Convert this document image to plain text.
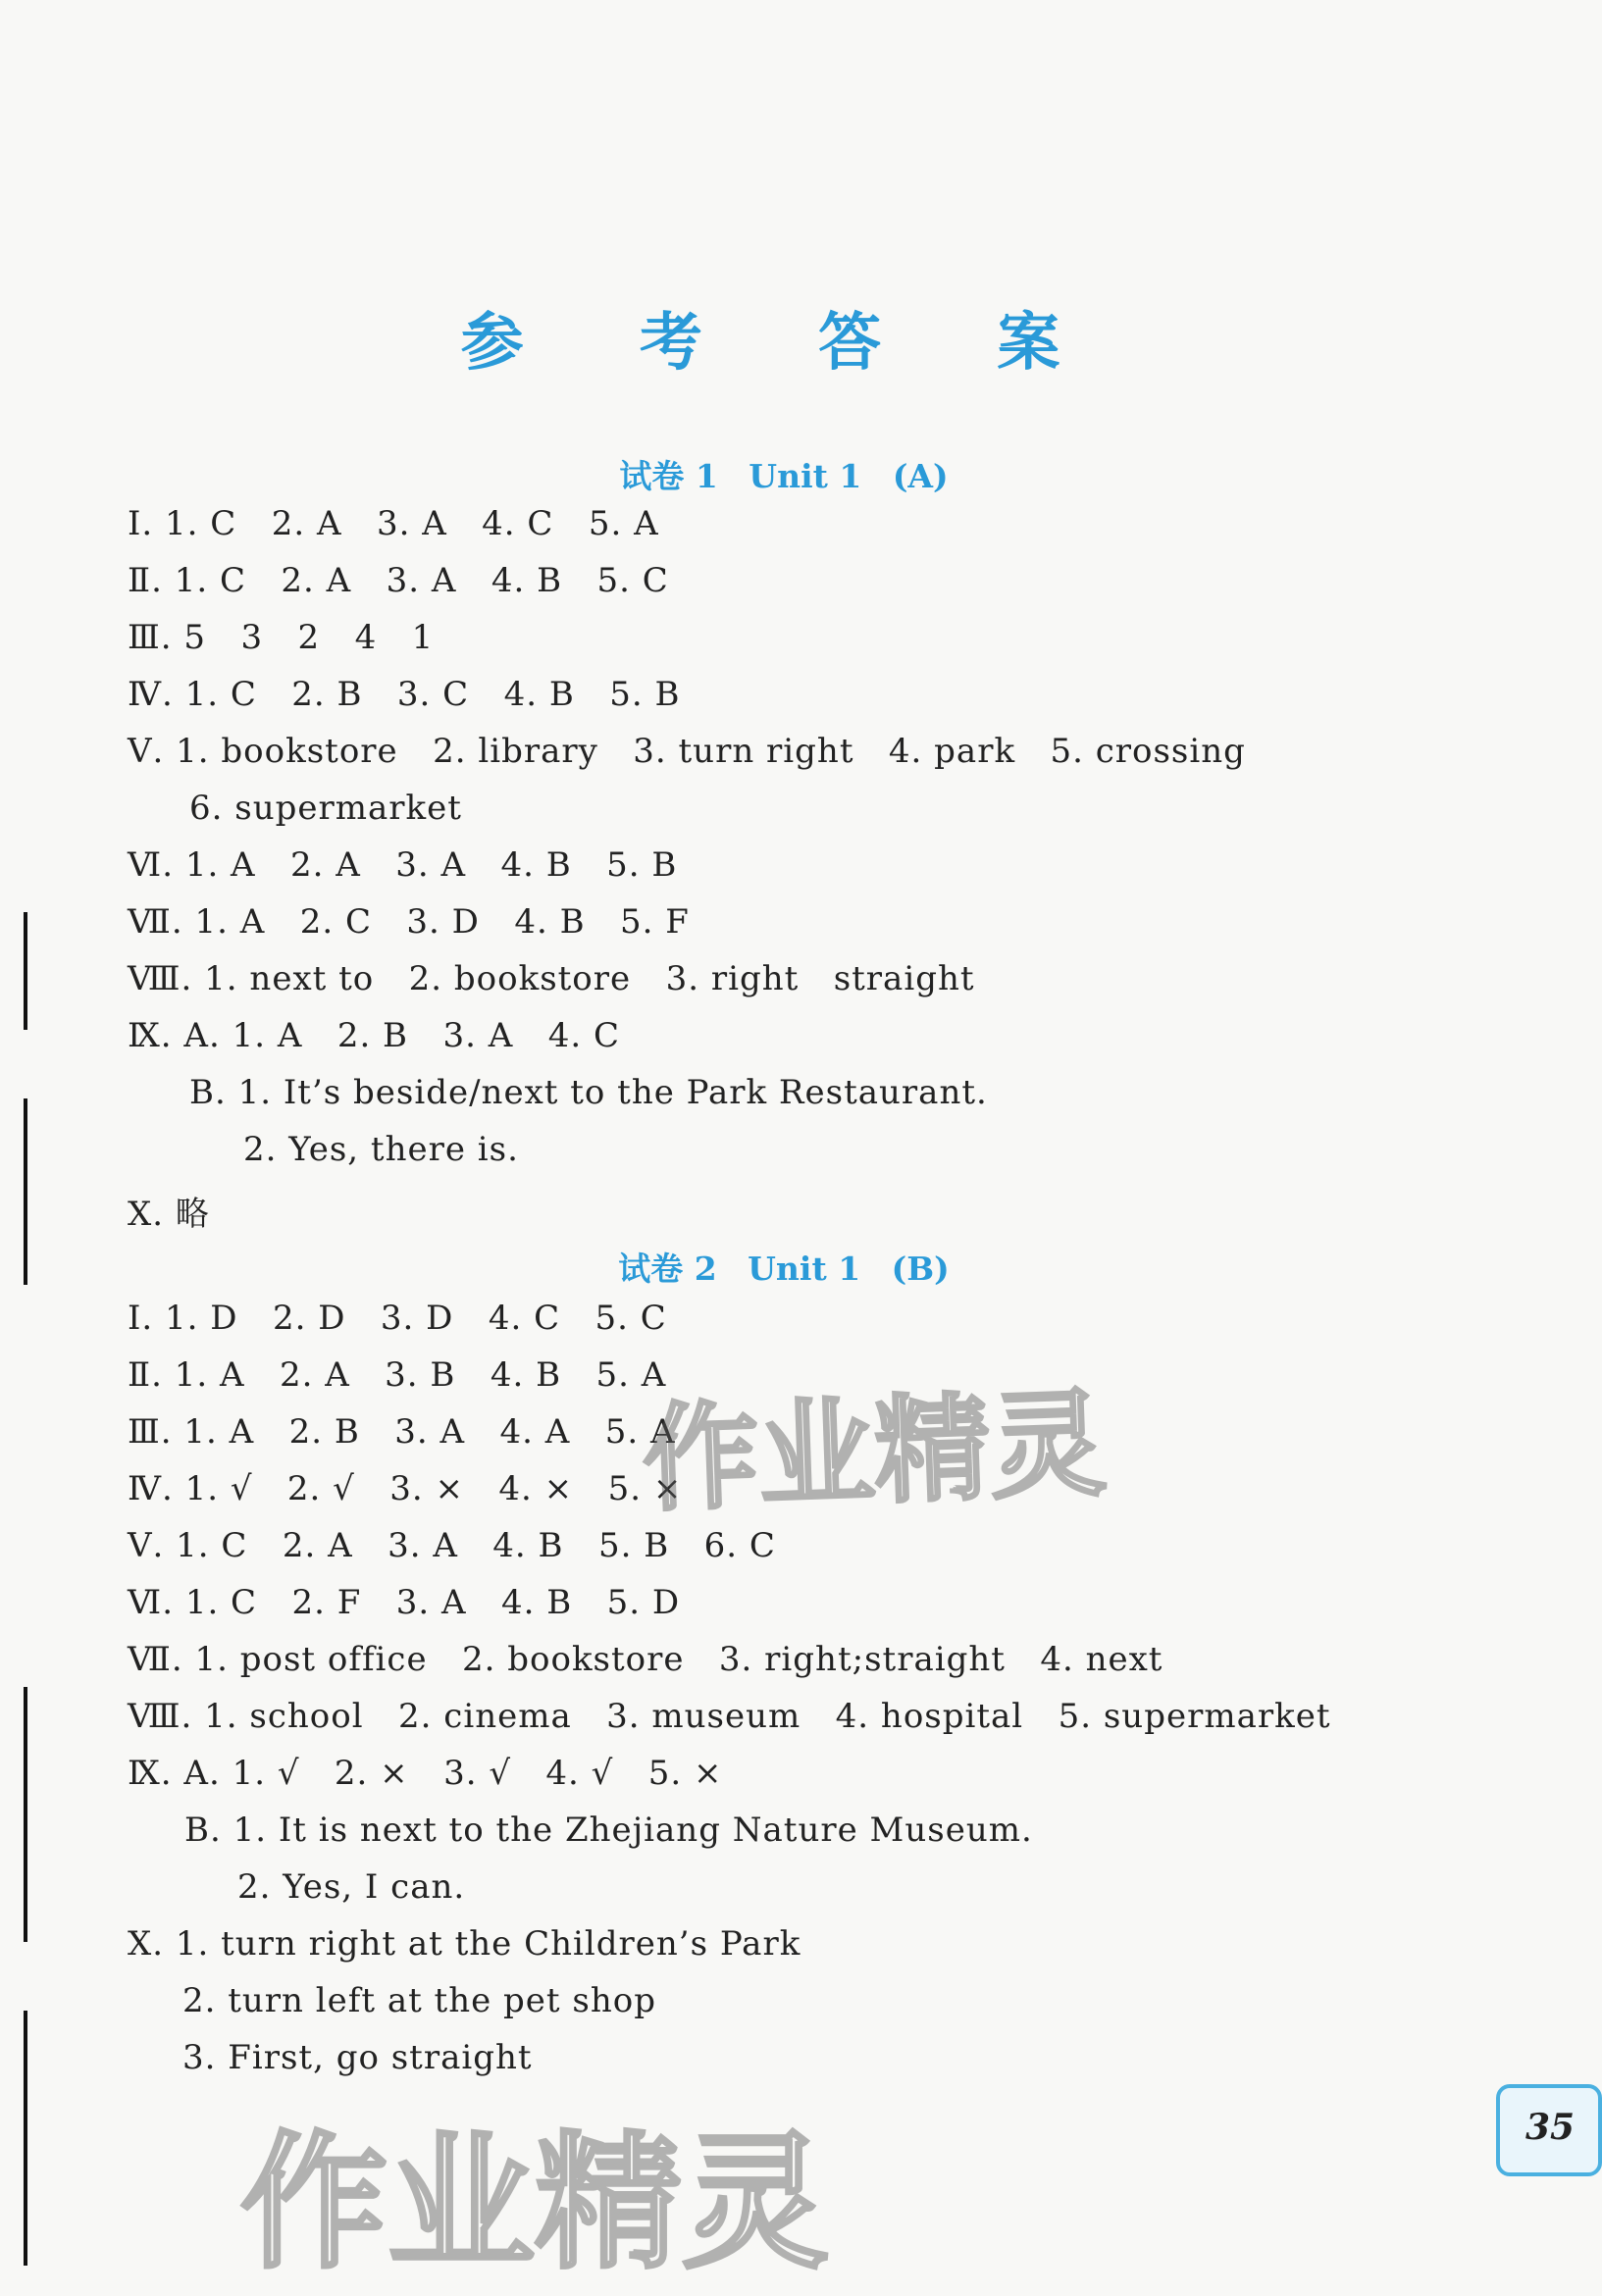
参 考 答 案
试卷 1 Unit 1 (A)
Ⅰ. 1. C   2. A   3. A   4. C   5. A
Ⅱ. 1. C   2. A   3. A   4. B   5. C
Ⅲ. 5   3   2   4   1
Ⅳ. 1. C   2. B   3. C   4. B   5. B
Ⅴ. 1. bookstore   2. library   3. turn right   4. park   5. crossing
6. supermarket
Ⅵ. 1. A   2. A   3. A   4. B   5. B
Ⅶ. 1. A   2. C   3. D   4. B   5. F
Ⅷ. 1. next to   2. bookstore   3. right   straight
Ⅸ. A. 1. A   2. B   3. A   4. C
B. 1. It’s beside/next to the Park Restaurant.
2. Yes, there is.
Ⅹ. 略
试卷 2 Unit 1 (B)
Ⅰ. 1. D   2. D   3. D   4. C   5. C
Ⅱ. 1. A   2. A   3. B   4. B   5. A
Ⅲ. 1. A   2. B   3. A   4. A   5. A
Ⅳ. 1. √   2. √   3. ×   4. ×   5. ×
Ⅴ. 1. C   2. A   3. A   4. B   5. B   6. C
Ⅵ. 1. C   2. F   3. A   4. B   5. D
Ⅶ. 1. post office   2. bookstore   3. right;straight   4. next
Ⅷ. 1. school   2. cinema   3. museum   4. hospital   5. supermarket
Ⅸ. A. 1. √   2. ×   3. √   4. √   5. ×
B. 1. It is next to the Zhejiang Nature Museum.
2. Yes, I can.
Ⅹ. 1. turn right at the Children’s Park
2. turn left at the pet shop
3. First, go straight
作业精灵
作业精灵	35
